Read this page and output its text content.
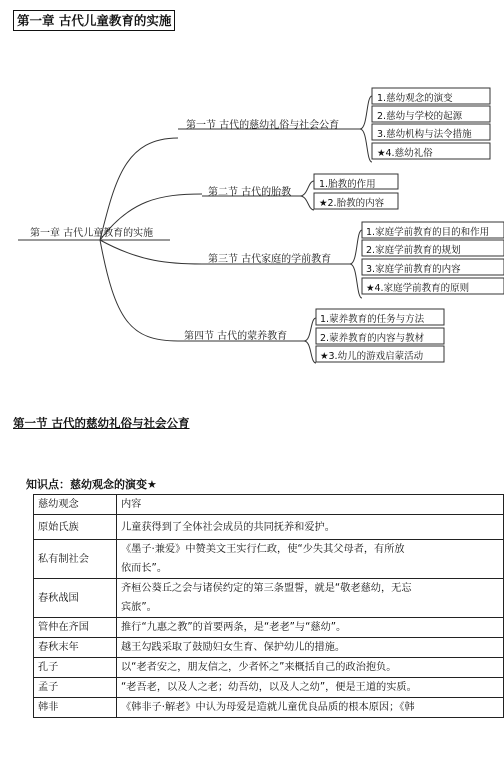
第一章 古代儿童教育的实施
第一章 古代儿童教育的实施
第一节 古代的慈幼礼俗与社会公育
1.慈幼观念的演变
2.慈幼与学校的起源
3.慈幼机构与法令措施
★4.慈幼礼俗
第二节 古代的胎教
1.胎教的作用
★2.胎教的内容
第三节 古代家庭的学前教育
1.家庭学前教育的目的和作用
2.家庭学前教育的规划
3.家庭学前教育的内容
★4.家庭学前教育的原则
第四节 古代的蒙养教育
1.蒙养教育的任务与方法
2.蒙养教育的内容与教材
★3.幼儿的游戏启蒙活动
第一节 古代的慈幼礼俗与社会公育
知识点：慈幼观念的演变★
慈幼观念	内容
原始氏族	儿童获得到了全体社会成员的共同抚养和爱护。
私有制社会	《墨子·兼爱》中赞美文王实行仁政，使“少失其父母者，有所放
依而长”。

春秋战国	齐桓公葵丘之会与诸侯约定的第三条盟誓，就是“敬老慈幼，无忘
宾旅”。

管仲在齐国	推行“九惠之教”的首要两条，是“老老”与“慈幼”。
春秋末年	越王勾践采取了鼓励妇女生育、保护幼儿的措施。
孔子	以“老者安之，朋友信之，少者怀之”来概括自己的政治抱负。
孟子	“老吾老，以及人之老；幼吾幼，以及人之幼”，便是王道的实质。
韩非	《韩非子·解老》中认为母爱是造就儿童优良品质的根本原因；《韩
